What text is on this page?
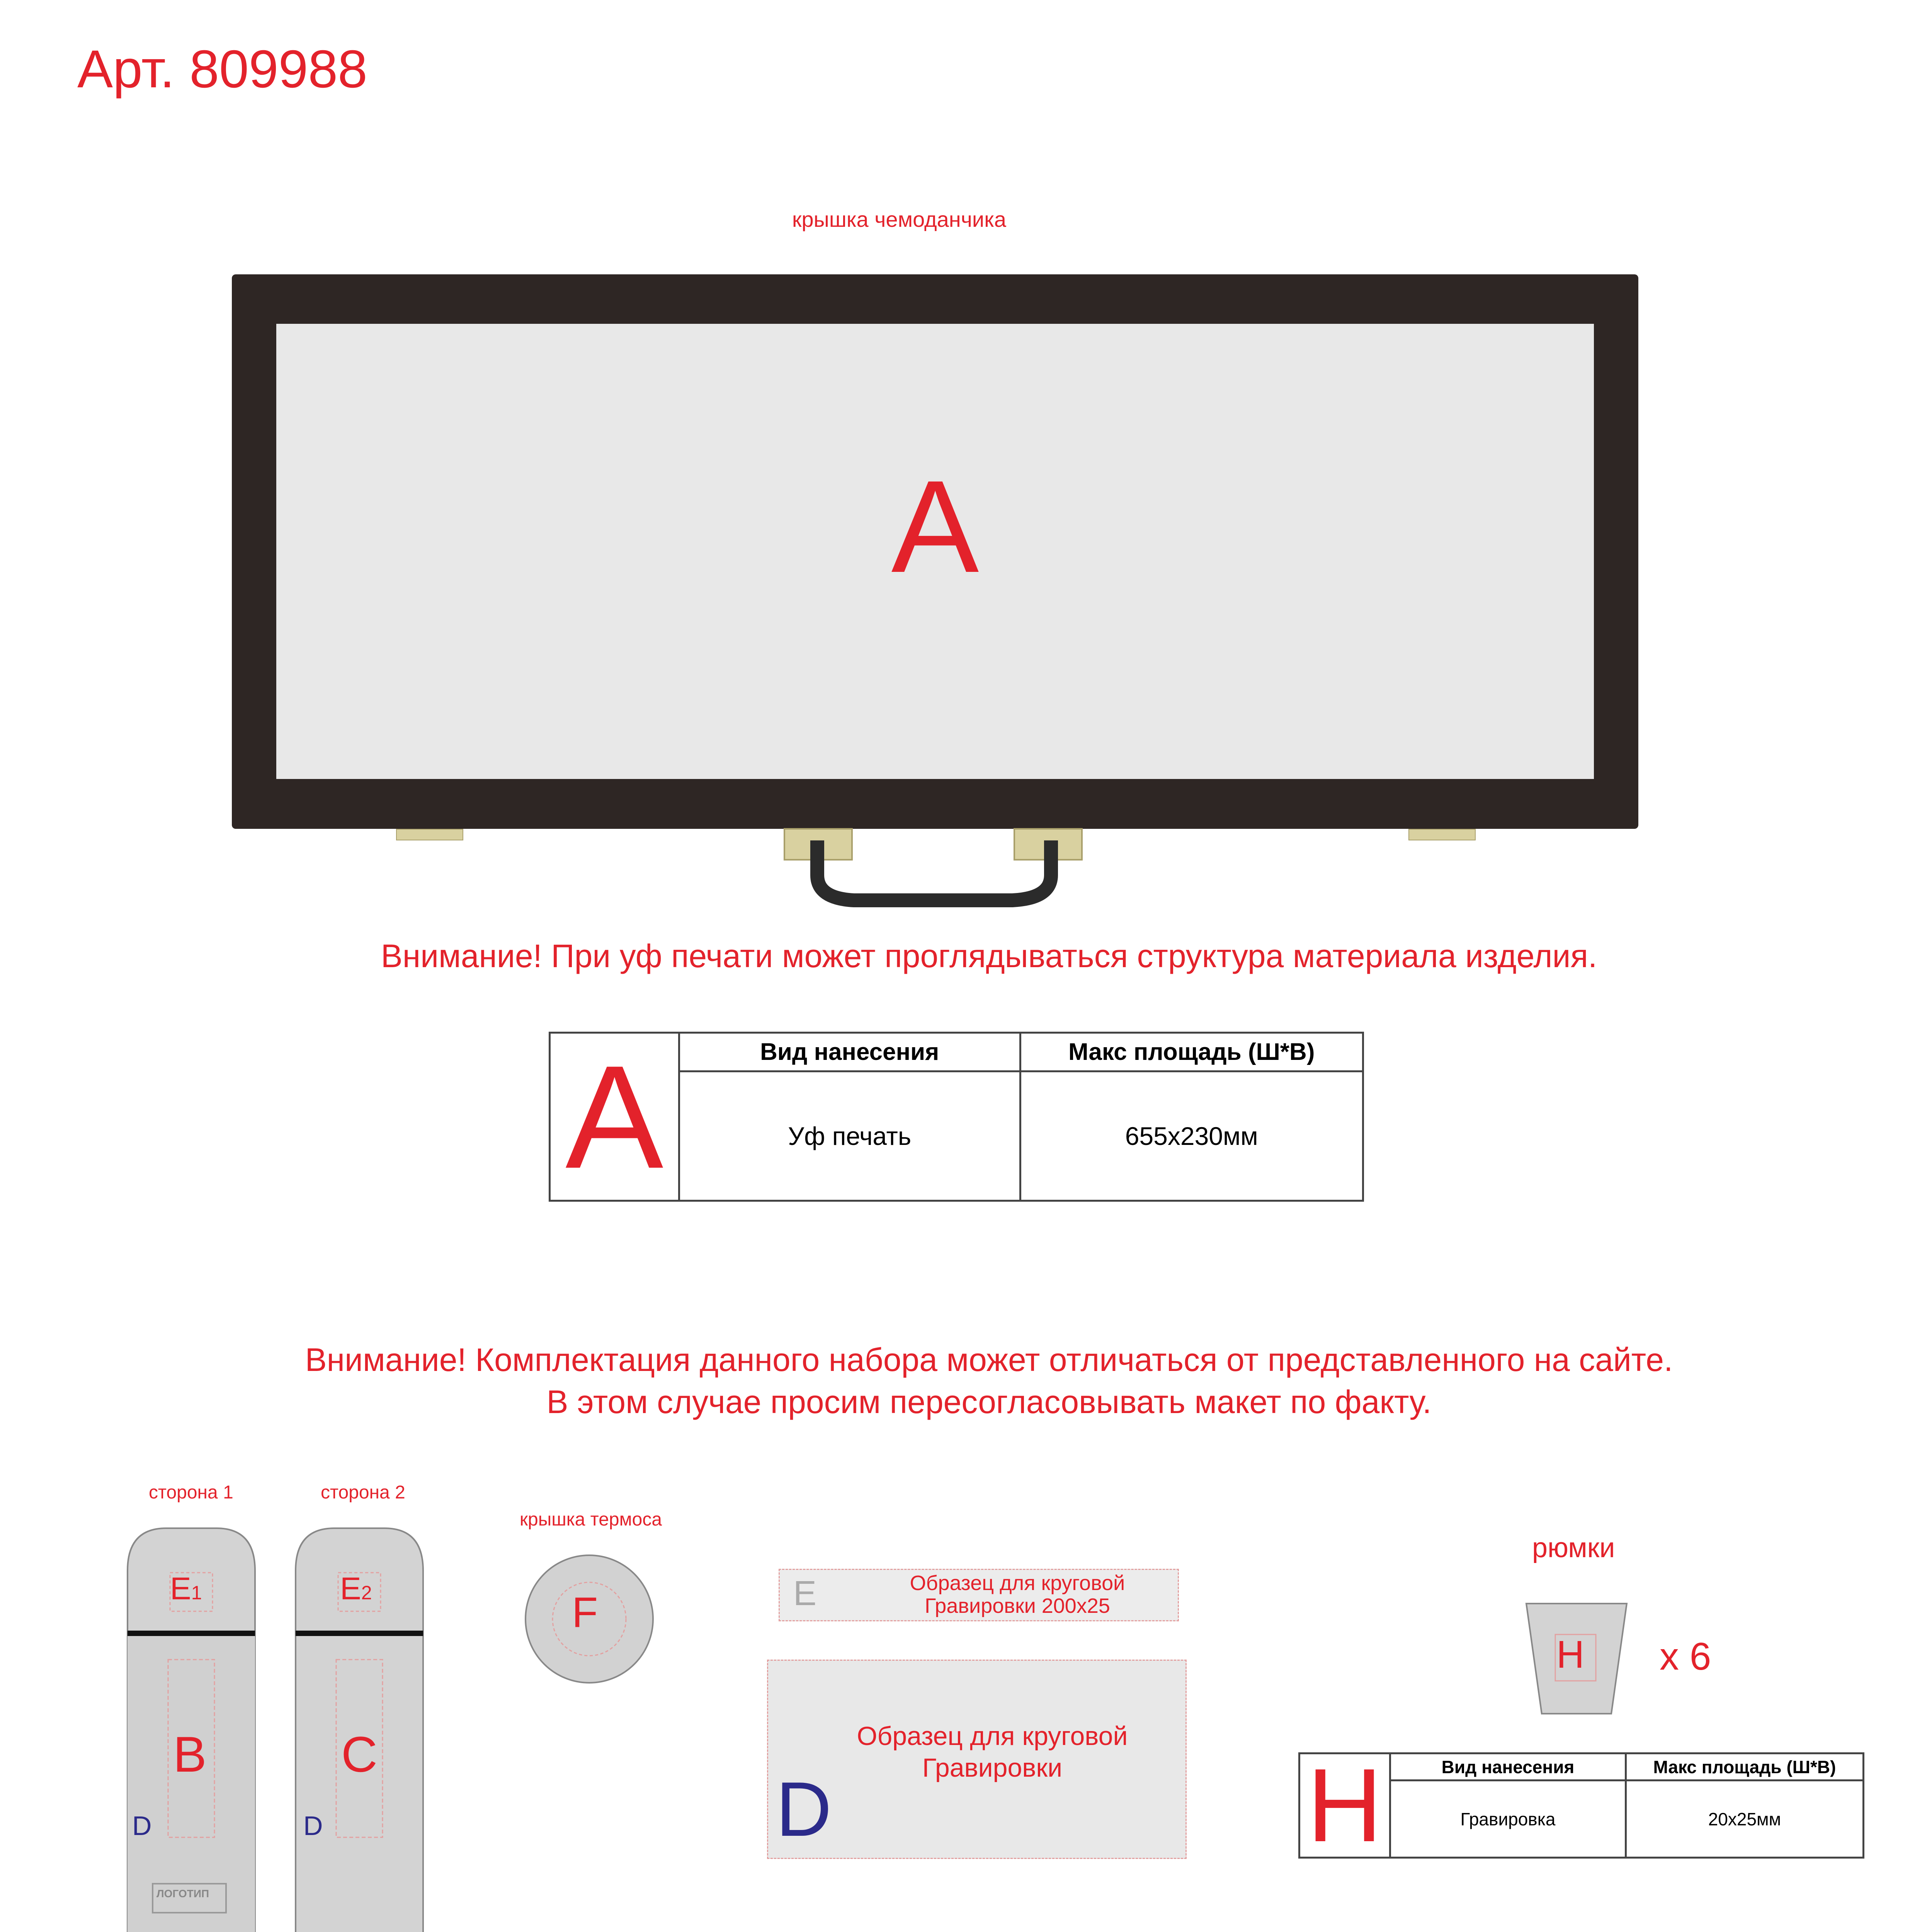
Арт. 809988
крышка чемоданчика
A
Внимание! При уф печати может проглядываться структура материала изделия.
A	Вид нанесения	Макс площадь (Ш*В)
Уф печать	655x230мм
Внимание! Комплектация данного набора может отличаться от представленного на сайте.
В этом случае просим пересогласовывать макет по факту.
сторона 1	сторона 2
E1
B
D
ЛОГОТИП
E2
C
D
крышка термоса
F	E	Образец для круговой
Гравировки 200x25
D
Образец для круговой
Гравировки
рюмки
H x 6
H	Вид нанесения	Макс площадь (Ш*В)
Гравировка	20x25мм
